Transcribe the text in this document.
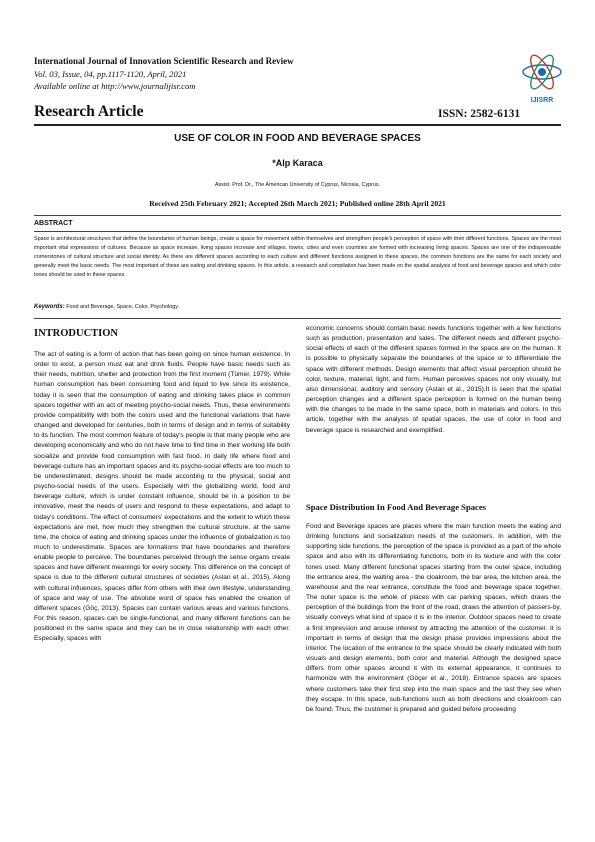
International Journal of Innovation Scientific Research and Review
Vol. 03, Issue, 04, pp.1117-1120, April, 2021
Available online at http://www.journalijisr.com
IJISRR
Research Article	ISSN: 2582-6131
USE OF COLOR IN FOOD AND BEVERAGE SPACES
*Alp Karaca
Assist. Prof. Dr., The American University of Cyprus, Nicosia, Cyprus.
Received 25th February 2021; Accepted 26th March 2021; Published online 28th April 2021
ABSTRACT
Space is architectural structures that define the boundaries of human beings, create a space for movement within themselves and strengthen people's perception of space with their different functions. Spaces are the most important vital expressions of cultures. Because as space increase, living spaces increase and villages, towns, cities and even countries are formed with increasing living spaces. Spaces are one of the indispensable cornerstones of cultural structure and social identity. As there are different spaces according to each culture and different functions assigned to these spaces, the common functions are the same for each society and generally meet the basic needs. The most important of these are eating and drinking spaces. In this article, a research and compilation has been made on the spatial analysis of food and beverage spaces and which color tones should be used in these spaces.
Keywords: Food and Beverage, Space, Color, Psychology.
INTRODUCTION
The act of eating is a form of action that has been going on since human existence. In order to exist, a person must eat and drink fluids. People have basic needs such as their needs, nutrition, shelter and protection from the first moment (Tümer, 1979). While human consumption has been consuming food and liquid to live since its existence, today it is seen that the consumption of eating and drinking takes place in common spaces together with an act of meeting psycho-social needs. Thus, these environments provide compatibility with both the colors used and the functional variations that have changed and developed for centuries, both in terms of design and in terms of suitability to its function. The most common feature of today's people is that many people who are developing economically and who do not have time to find time in their working life both socialize and provide food consumption with fast food. In daily life where food and beverage culture has an important spaces and its psycho-social effects are too much to be underestimated, designs should be made according to the physical, social and psycho-social needs of the users. Especially with the globalizing world, food and beverage culture, which is under constant influence, should be in a position to be innovative, meet the needs of users and respond to these expectations, and adapt to today's conditions. The effect of consumers' expectations and the extent to which these expectations are met, how much they strengthen the cultural structure, at the same time, the choice of eating and drinking spaces under the influence of globalization is too much to underestimate. Spaces are formations that have boundaries and therefore enable people to perceive. The boundaries perceived through the sense organs create spaces and have different meanings for every society. This difference on the concept of space is due to the different cultural structures of societies (Aslan et al., 2015). Along with cultural influences, spaces differ from others with their own lifestyle, understanding of space and way of use. The absolute word of space has enabled the creation of different spaces (Göç, 2013). Spaces can contain various areas and various functions. For this reason, spaces can be single-functional, and many different functions can be positioned in the same space and they can be in close relationship with each other. Especially, spaces with
economic concerns should contain basic needs functions together with a few functions such as production, presentation and sales. The different needs and different psycho-social effects of each of the different spaces formed in the space are on the human. It is possible to physically separate the boundaries of the space or to differentiate the space with different methods. Design elements that affect visual perception should be color, texture, material, light, and form. Human perceives spaces not only visually, but also dimensional, auditory and sensory (Aslan et al., 2015).It is seen that the spatial perception changes and a different space perception is formed on the human being with the changes to be made in the same space, both in materials and colors. In this article, together with the analysis of spatial spaces, the use of color in food and beverage space is researched and exemplified.
Space Distribution In Food And Beverage Spaces
Food and Beverage spaces are places where the main function meets the eating and drinking functions and socialization needs of the customers. In addition, with the supporting side functions, the perception of the space is provided as a part of the whole space and also with its differentiating functions, both in its texture and with the color tones used. Many different functional spaces starting from the outer space, including the entrance area, the waiting area - the cloakroom, the bar area, the kitchen area, the warehouse and the rear entrance, constitute the food and beverage space together. The outer space is the whole of places with car parking spaces, which draws the perception of the buildings from the front of the road, draws the attention of passers-by, visually conveys what kind of space it is in the interior. Outdoor spaces need to create a first impression and arouse interest by attracting the attention of the customer. It is important in terms of design that the design phase provides impressions about the interior. The location of the entrance to the space should be clearly indicated with both visuals and design elements, both color and material. Although the designed space differs from other spaces around it with its external appearance, it continues to harmonize with the environment (Göçer et al., 2018). Entrance spaces are spaces where customers take their first step into the main space and the last they see when they escape. In this space, sub-functions such as both directions and cloakroom can be found. Thus, the customer is prepared and guided before proceeding
